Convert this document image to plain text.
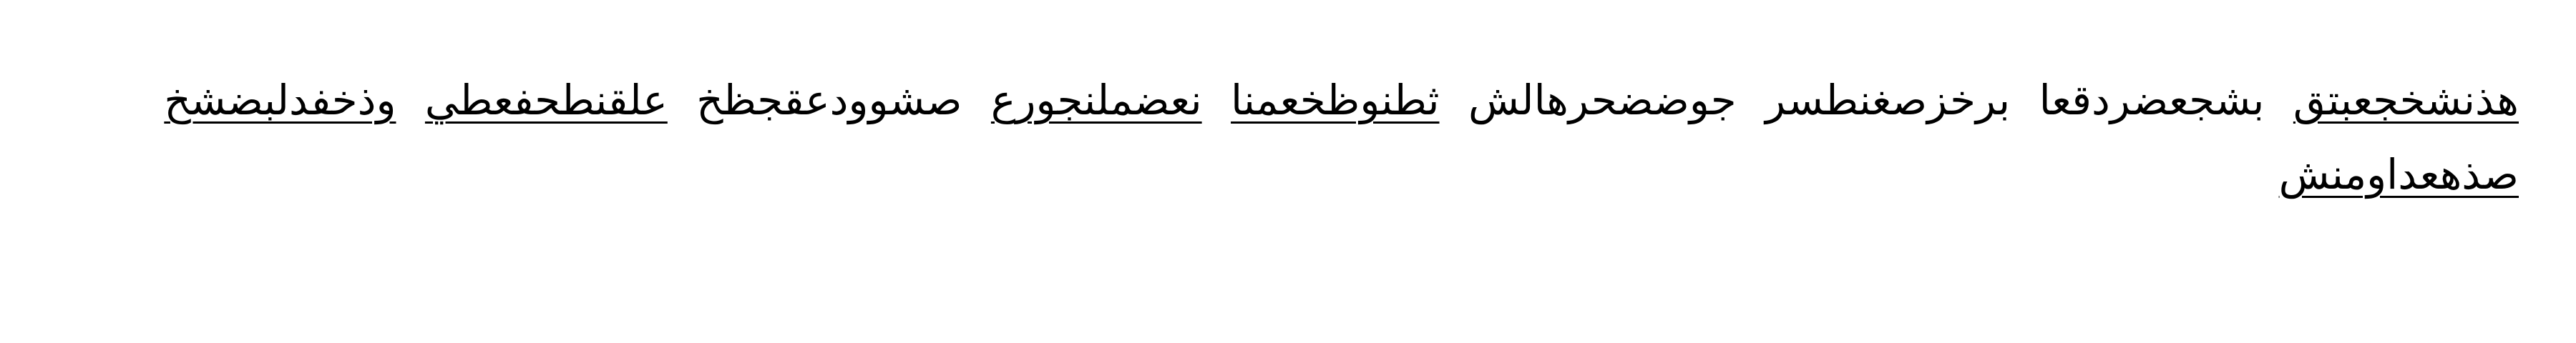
هذنشخجعبتق بشجعضردقعا برخزصغنطسر جوضضحرهالش ثطنوظخعمنا نعضملنجورع صشوودعقجظخ علقنطحفعطي وذخفدلبضشخ
صذهعداومنش
